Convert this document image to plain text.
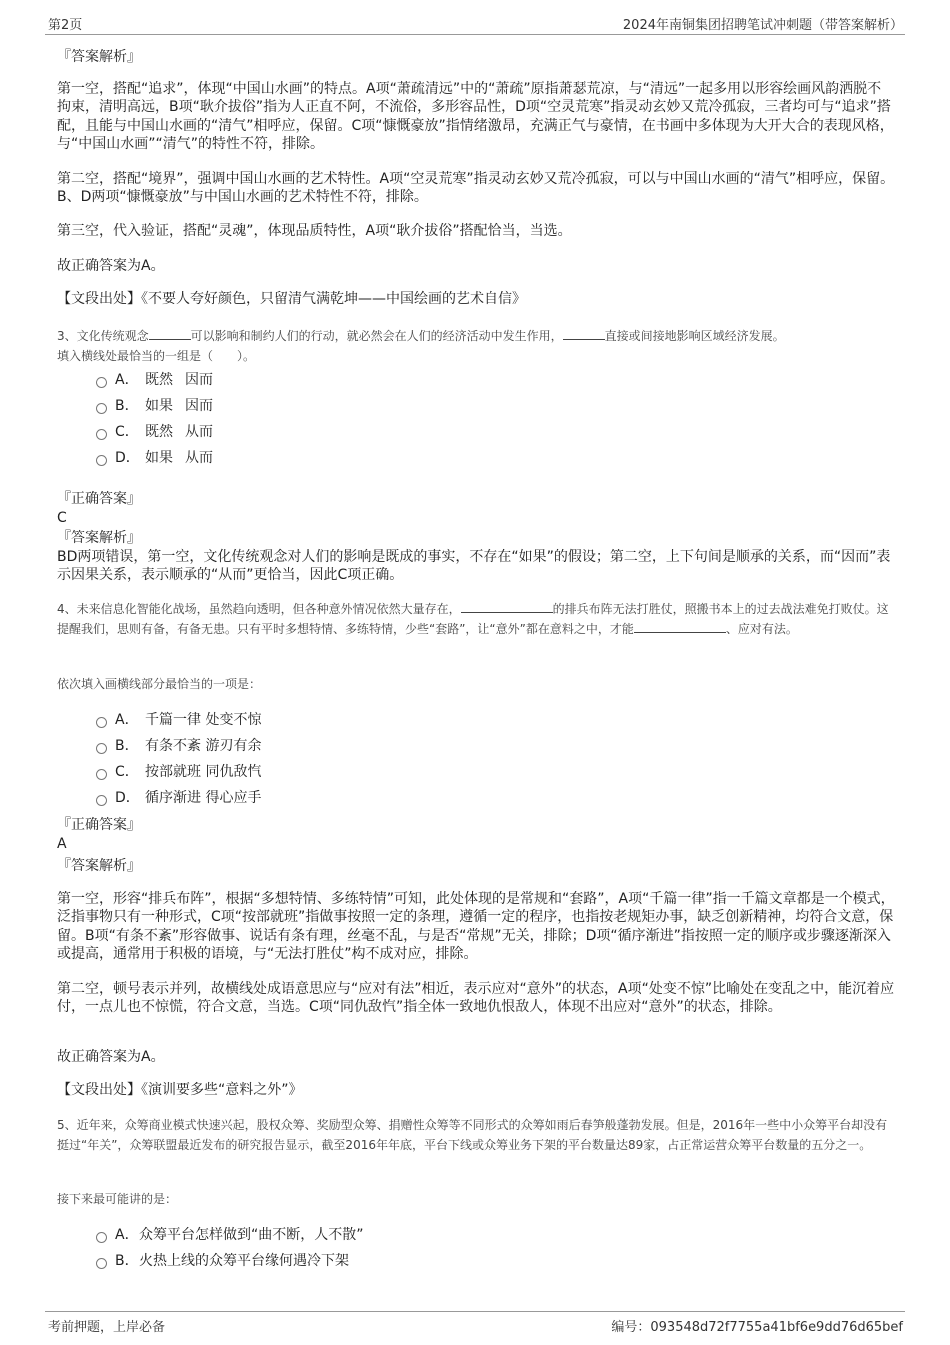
第2页	2024年南铜集团招聘笔试冲刺题（带答案解析）
『答案解析』
第一空，搭配“追求”，体现“中国山水画”的特点。A项“萧疏清远”中的“萧疏”原指萧瑟荒凉，与“清远”一起多用以形容绘画风韵洒脱不拘束，清明高远，B项“耿介拔俗”指为人正直不阿，不流俗，多形容品性，D项“空灵荒寒”指灵动玄妙又荒冷孤寂，三者均可与“追求”搭配，且能与中国山水画的“清气”相呼应，保留。C项“慷慨豪放”指情绪激昂，充满正气与豪情，在书画中多体现为大开大合的表现风格，与“中国山水画”“清气”的特性不符，排除。
第二空，搭配“境界”，强调中国山水画的艺术特性。A项“空灵荒寒”指灵动玄妙又荒冷孤寂，可以与中国山水画的“清气”相呼应，保留。B、D两项“慷慨豪放”与中国山水画的艺术特性不符，排除。
第三空，代入验证，搭配“灵魂”，体现品质特性，A项“耿介拔俗”搭配恰当，当选。
故正确答案为A。
【文段出处】《不要人夸好颜色，只留清气满乾坤——中国绘画的艺术自信》
3、文化传统观念	可以影响和制约人们的行动，就必然会在人们的经济活动中发生作用，	直接或间接地影响区域经济发展。
填入横线处最恰当的一组是（　　）。
A． 既然 因而
B． 如果 因而
C． 既然 从而
D． 如果 从而
『正确答案』
C
『答案解析』
BD两项错误，第一空，文化传统观念对人们的影响是既成的事实，不存在“如果”的假设；第二空，上下句间是顺承的关系，而“因而”表示因果关系，表示顺承的“从而”更恰当，因此C项正确。
4、未来信息化智能化战场，虽然趋向透明，但各种意外情况依然大量存在，	的排兵布阵无法打胜仗，照搬书本上的过去战法难免打败仗。这提醒我们，思则有备，有备无患。只有平时多想特情、多练特情，少些“套路”，让“意外”都在意料之中，才能	、应对有法。
依次填入画横线部分最恰当的一项是：
A． 千篇一律 处变不惊
B． 有条不紊 游刃有余
C． 按部就班 同仇敌忾
D． 循序渐进 得心应手
『正确答案』
A
『答案解析』
第一空，形容“排兵布阵”，根据“多想特情、多练特情”可知，此处体现的是常规和“套路”，A项“千篇一律”指一千篇文章都是一个模式，泛指事物只有一种形式，C项“按部就班”指做事按照一定的条理，遵循一定的程序，也指按老规矩办事，缺乏创新精神，均符合文意，保留。B项“有条不紊”形容做事、说话有条有理，丝毫不乱，与是否“常规”无关，排除；D项“循序渐进”指按照一定的顺序或步骤逐渐深入或提高，通常用于积极的语境，与“无法打胜仗”构不成对应，排除。
第二空，顿号表示并列，故横线处成语意思应与“应对有法”相近，表示应对“意外”的状态，A项“处变不惊”比喻处在变乱之中，能沉着应付，一点儿也不惊慌，符合文意，当选。C项“同仇敌忾”指全体一致地仇恨敌人，体现不出应对“意外”的状态，排除。
故正确答案为A。
【文段出处】《演训要多些“意料之外”》
5、近年来，众筹商业模式快速兴起，股权众筹、奖励型众筹、捐赠性众筹等不同形式的众筹如雨后春笋般蓬勃发展。但是，2016年一些中小众筹平台却没有挺过“年关”，众筹联盟最近发布的研究报告显示，截至2016年年底，平台下线或众筹业务下架的平台数量达89家，占正常运营众筹平台数量的五分之一。
接下来最可能讲的是：
A．众筹平台怎样做到“曲不断，人不散”
B．火热上线的众筹平台缘何遇冷下架
考前押题，上岸必备	编号：093548d72f7755a41bf6e9dd76d65bef
